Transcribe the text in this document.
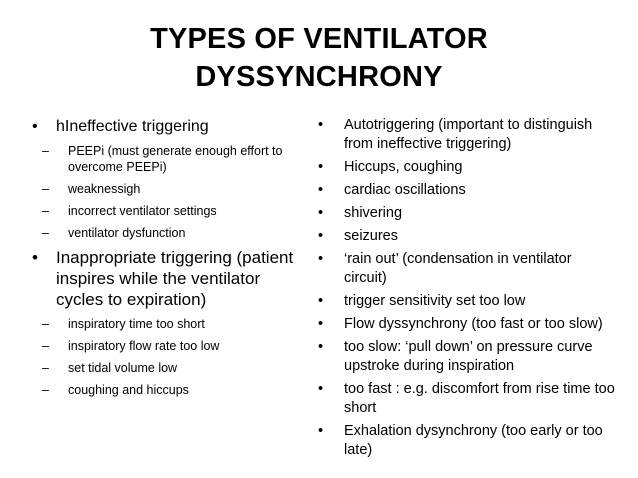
TYPES OF VENTILATOR
DYSSYNCHRONY
• hIneffective triggering
– PEEPi (must generate enough effort to overcome PEEPi)
– weaknessigh
– incorrect ventilator settings
– ventilator dysfunction
• Inappropriate triggering (patient inspires while the ventilator cycles to expiration)
– inspiratory time too short
– inspiratory flow rate too low
– set tidal volume low
– coughing and hiccups
• Autotriggering (important to distinguish from ineffective triggering)
• Hiccups, coughing
• cardiac oscillations
• shivering
• seizures
• ‘rain out’ (condensation in ventilator circuit)
• trigger sensitivity set too low
• Flow dyssynchrony (too fast or too slow)
• too slow: ‘pull down’ on pressure curve upstroke during inspiration
• too fast : e.g. discomfort from rise time too short
• Exhalation dysynchrony (too early or too late)
